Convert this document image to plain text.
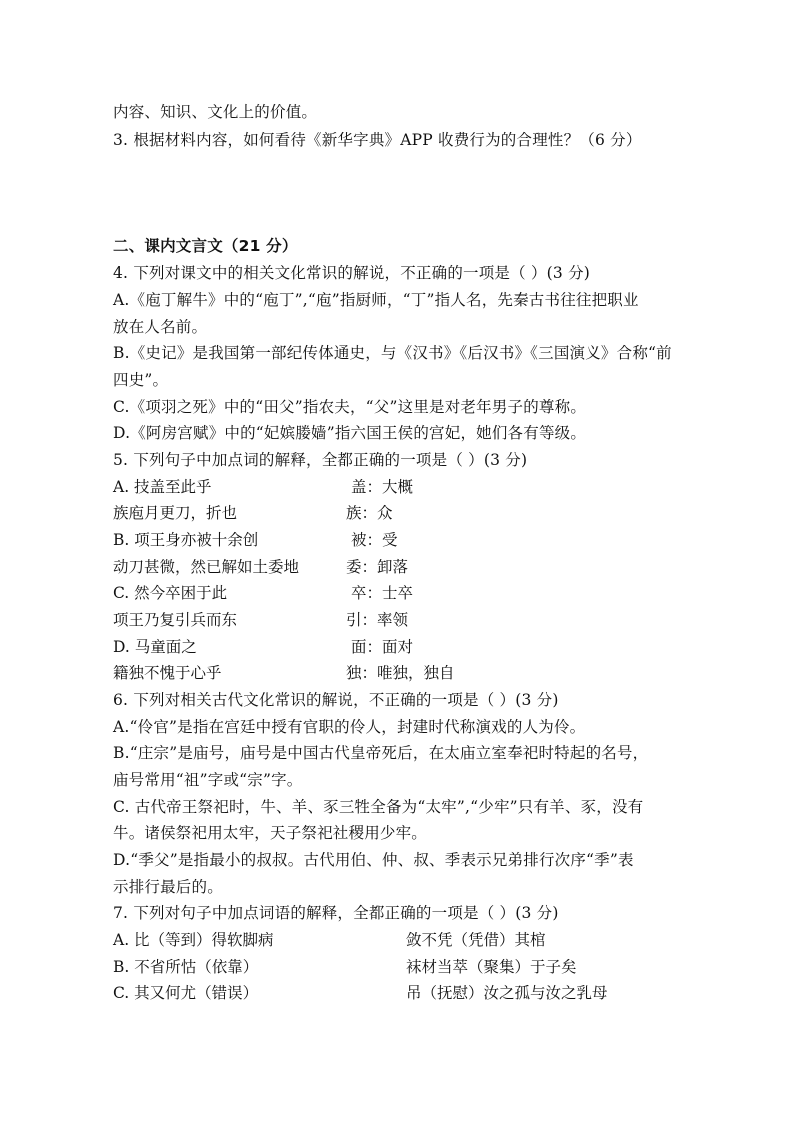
内容、知识、文化上的价值。
3. 根据材料内容，如何看待《新华字典》APP 收费行为的合理性？（6 分）
二、课内文言文（21 分）
4. 下列对课文中的相关文化常识的解说，不正确的一项是（ ）(3 分)
A.《庖丁解牛》中的“庖丁”,“庖”指厨师，“丁”指人名，先秦古书往往把职业
放在人名前。
B.《史记》是我国第一部纪传体通史，与《汉书》《后汉书》《三国演义》合称“前
四史”。
C.《项羽之死》中的“田父”指农夫，“父”这里是对老年男子的尊称。
D.《阿房宫赋》中的“妃嫔媵嫱”指六国王侯的宫妃，她们各有等级。
5. 下列句子中加点词的解释，全都正确的一项是（ ）(3 分)
A. 技盖至此乎	盖：大概
族庖月更刀，折也	族：众
B. 项王身亦被十余创	被：受
动刀甚微，然已解如土委地	委：卸落
C. 然今卒困于此	卒：士卒
项王乃复引兵而东	引：率领
D. 马童面之	面：面对
籍独不愧于心乎	独：唯独，独自
6. 下列对相关古代文化常识的解说，不正确的一项是（ ）(3 分)
A.“伶官”是指在宫廷中授有官职的伶人，封建时代称演戏的人为伶。
B.“庄宗”是庙号，庙号是中国古代皇帝死后，在太庙立室奉祀时特起的名号，
庙号常用“祖”字或“宗”字。
C. 古代帝王祭祀时，牛、羊、豕三牲全备为“太牢”,“少牢”只有羊、豕，没有
牛。诸侯祭祀用太牢，天子祭祀社稷用少牢。
D.“季父”是指最小的叔叔。古代用伯、仲、叔、季表示兄弟排行次序“季”表
示排行最后的。
7. 下列对句子中加点词语的解释，全都正确的一项是（ ）(3 分)
A. 比（等到）得软脚病	敛不凭（凭借）其棺
B. 不省所怙（依靠）	袜材当萃（聚集）于子矣
C. 其又何尤（错误）	吊（抚慰）汝之孤与汝之乳母
